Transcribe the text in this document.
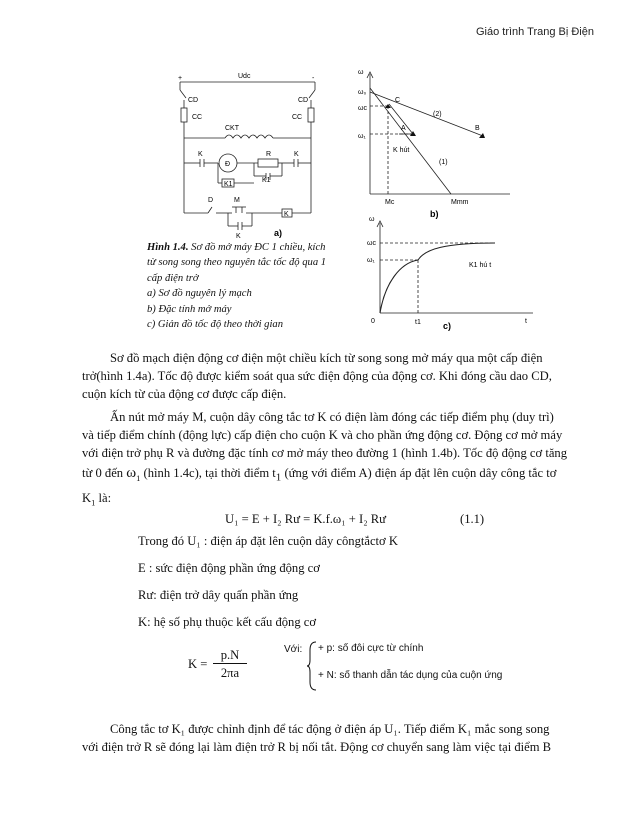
Giáo trình Trang Bị Điện
+	Udc	-
CD	CD
CC	CC
CKT
K
Đ
R	K
K1
K1
D	M
K
K	a)
ω
ω₀
ωc
ω₁
C
A	B
(2)
(1)
K hút
Mc	Mmm
b)
ω
ωc
ω₁
K1 hú t
0	t1	t
c)
Hình 1.4. Sơ đồ mở máy ĐC 1 chiều, kích
từ song song theo nguyên tắc tốc độ qua 1
cấp điện trở
a) Sơ đồ nguyên lý mạch
b) Đặc tính mở máy
c) Giản đồ tốc độ theo thời gian
Sơ đồ mạch điện động cơ điện một chiều kích từ song song mở máy qua một cấp điện
trở(hình 1.4a). Tốc độ được kiểm soát qua sức điện động của động cơ. Khi đóng cầu dao CD,
cuộn kích từ của động cơ được cấp điện.
Ấn nút mở máy M, cuộn dây công tắc tơ K có điện làm đóng các tiếp điểm phụ (duy trì)
và tiếp điểm chính (động lực) cấp điện cho cuộn K và cho phần ứng động cơ. Động cơ mở máy
với điện trở phụ R và đường đặc tính cơ mở máy theo đường 1 (hình 1.4b). Tốc độ động cơ tăng
từ 0 đến $\omega_1$ (hình 1.4c), tại thời điểm $t_1$ (ứng với điểm A) điện áp đặt lên cuộn dây công tắc tơ
$K_1$ là:
U₁ = E + I₂ Rư = K.f.ω₁ + I₂ Rư	(1.1)
Trong đó U₁ : điện áp đặt lên cuộn dây côngtắctơ K
E : sức điện động phần ứng động cơ
Rư: điện trở dây quấn phần ứng
K: hệ số phụ thuộc kết cấu động cơ
K =
p.N
2πa
Với: + p: số đôi cực từ chính
+ N: số thanh dẫn tác dụng của cuộn ứng
Công tắc tơ K₁ được chỉnh định để tác động ở điện áp U₁. Tiếp điểm K₁ mắc song song
với điện trở R sẽ đóng lại làm điện trở R bị nối tắt. Động cơ chuyển sang làm việc tại điểm B
